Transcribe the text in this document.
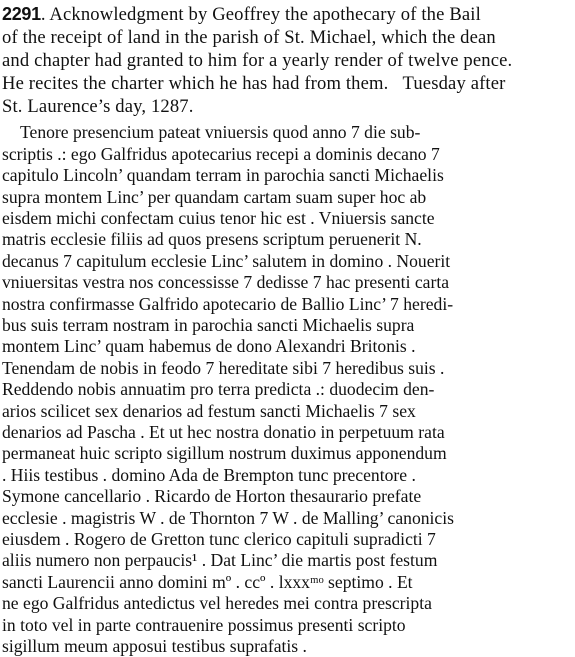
2291. Acknowledgment by Geoffrey the apothecary of the Bail
of the receipt of land in the parish of St. Michael, which the dean
and chapter had granted to him for a yearly render of twelve pence.
He recites the charter which he has had from them.   Tuesday after
St. Laurence’s day, 1287.
Tenore presencium pateat vniuersis quod anno 7 die sub-
scriptis .: ego Galfridus apotecarius recepi a dominis decano 7
capitulo Lincoln’ quandam terram in parochia sancti Michaelis
supra montem Linc’ per quandam cartam suam super hoc ab
eisdem michi confectam cuius tenor hic est . Vniuersis sancte
matris ecclesie filiis ad quos presens scriptum peruenerit N.
decanus 7 capitulum ecclesie Linc’ salutem in domino . Nouerit
vniuersitas vestra nos concessisse 7 dedisse 7 hac presenti carta
nostra confirmasse Galfrido apotecario de Ballio Linc’ 7 heredi-
bus suis terram nostram in parochia sancti Michaelis supra
montem Linc’ quam habemus de dono Alexandri Britonis .
Tenendam de nobis in feodo 7 hereditate sibi 7 heredibus suis .
Reddendo nobis annuatim pro terra predicta .: duodecim den-
arios scilicet sex denarios ad festum sancti Michaelis 7 sex
denarios ad Pascha . Et ut hec nostra donatio in perpetuum rata
permaneat huic scripto sigillum nostrum duximus apponendum
. Hiis testibus . domino Ada de Brempton tunc precentore .
Symone cancellario . Ricardo de Horton thesaurario prefate
ecclesie . magistris W . de Thornton 7 W . de Malling’ canonicis
eiusdem . Rogero de Gretton tunc clerico capituli supradicti 7
aliis numero non perpaucis¹ . Dat Linc’ die martis post festum
sancti Laurencii anno domini mº . ccº . lxxxᵐᵒ septimo . Et
ne ego Galfridus antedictus vel heredes mei contra prescripta
in toto vel in parte contrauenire possimus presenti scripto
sigillum meum apposui testibus suprafatis .
